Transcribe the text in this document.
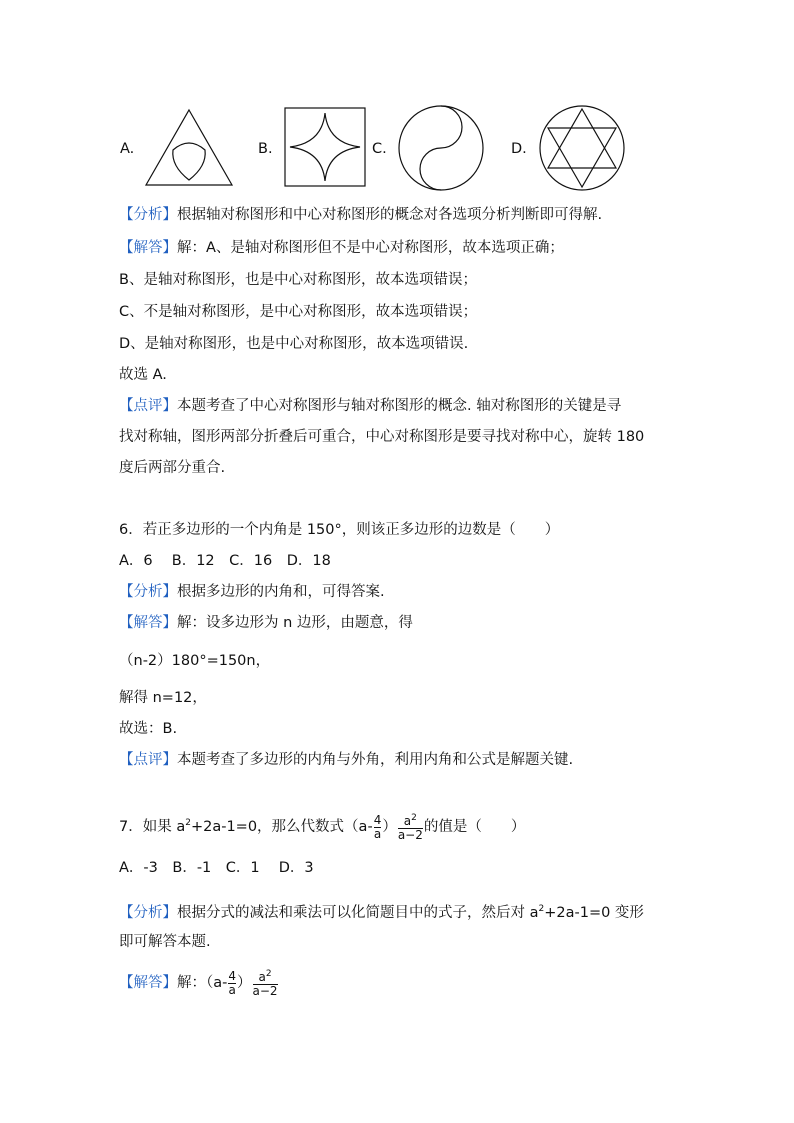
A.	B.	C.	D.
【分析】根据轴对称图形和中心对称图形的概念对各选项分析判断即可得解.
【解答】解：A、是轴对称图形但不是中心对称图形，故本选项正确；
B、是轴对称图形，也是中心对称图形，故本选项错误；
C、不是轴对称图形，是中心对称图形，故本选项错误；
D、是轴对称图形，也是中心对称图形，故本选项错误.
故选 A.
【点评】本题考查了中心对称图形与轴对称图形的概念. 轴对称图形的关键是寻
找对称轴，图形两部分折叠后可重合，中心对称图形是要寻找对称中心，旋转 180
度后两部分重合.
6．若正多边形的一个内角是 150°，则该正多边形的边数是（　　）
A．6　 B．12　C．16　D．18
【分析】根据多边形的内角和，可得答案.
【解答】解：设多边形为 n 边形，由题意，得
（n-2）180°=150n，
解得 n=12，
故选：B.
【点评】本题考查了多边形的内角与外角，利用内角和公式是解题关键.
7．如果 $a^2+2a-1=0$，那么代数式（$a- \frac{4}{a}$ ） $\frac{a^2}{a-2}$ 的值是（　　）
A．-3　B．-1　C．1　 D．3
【分析】根据分式的减法和乘法可以化简题目中的式子，然后对 $a^2+2a-1=0$ 变形
即可解答本题.
【解答】解：（$a- \frac{4}{a}$ ） $\frac{a^2}{a-2}$
